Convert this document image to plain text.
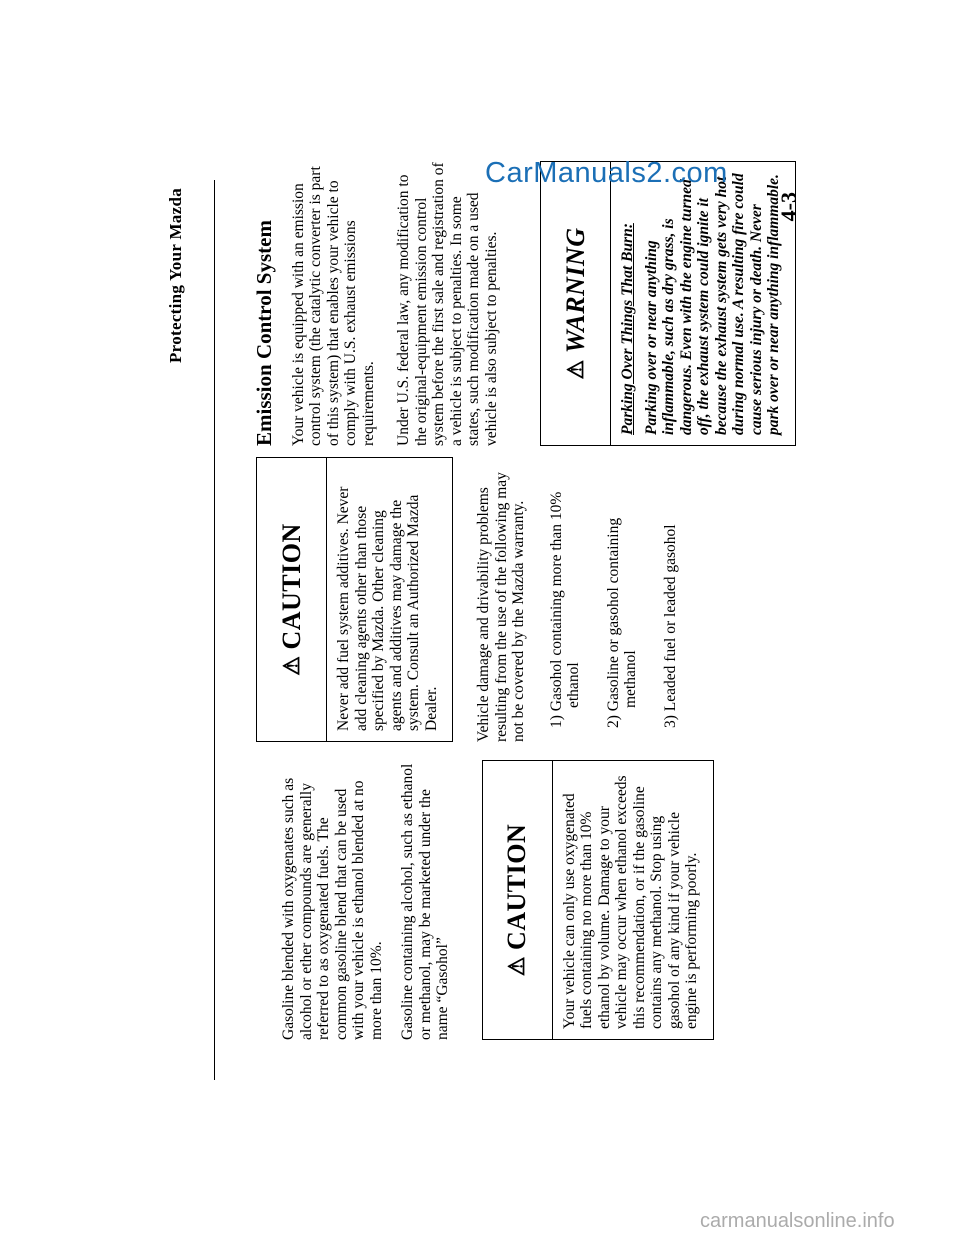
Protecting Your Mazda

Gasoline blended with oxygenates such as alcohol or ether compounds are generally referred to as oxygenated fuels. The common gasoline blend that can be used with your vehicle is ethanol blended at no more than 10%. Gasoline containing alcohol, such as ethanol or methanol, may be marketed under the name “Gasohol” ⚠
CAUTION	Your vehicle can only use oxygenated fuels containing no more than 10% ethanol by volume. Damage to your vehicle may occur when ethanol exceeds this recommendation, or if the gasoline contains any methanol. Stop using gasohol of any kind if your vehicle engine is performing poorly.
⚠
CAUTION	Never add fuel system additives. Never add cleaning agents other than those specified by Mazda. Other cleaning agents and additives may damage the system. Consult an Authorized Mazda Dealer.	Vehicle damage and drivability problems resulting from the use of the following may not be covered by the Mazda warranty. 1) Gasohol containing more than 10% ethanol 2) Gasoline or gasohol containing methanol 3) Leaded fuel or leaded gasohol
Emission Control System Your vehicle is equipped with an emission control system (the catalytic converter is part of this system) that enables your vehicle to comply with U.S. exhaust emissions requirements. Under U.S. federal law, any modification to the original-equipment emission control system before the first sale and registration of a vehicle is subject to penalties. In some states, such modification made on a used vehicle is also subject to penalties.	⚠
WARNING Parking Over Things That Burn: Parking over or near anything inflammable, such as dry grass, is dangerous. Even with the engine turned off, the exhaust system could ignite it because the exhaust system gets very hot during normal use. A resulting fire could cause serious injury or death. Never park over or near anything inflammable.
4-3
CarManuals2.com
carmanualsonline.info
